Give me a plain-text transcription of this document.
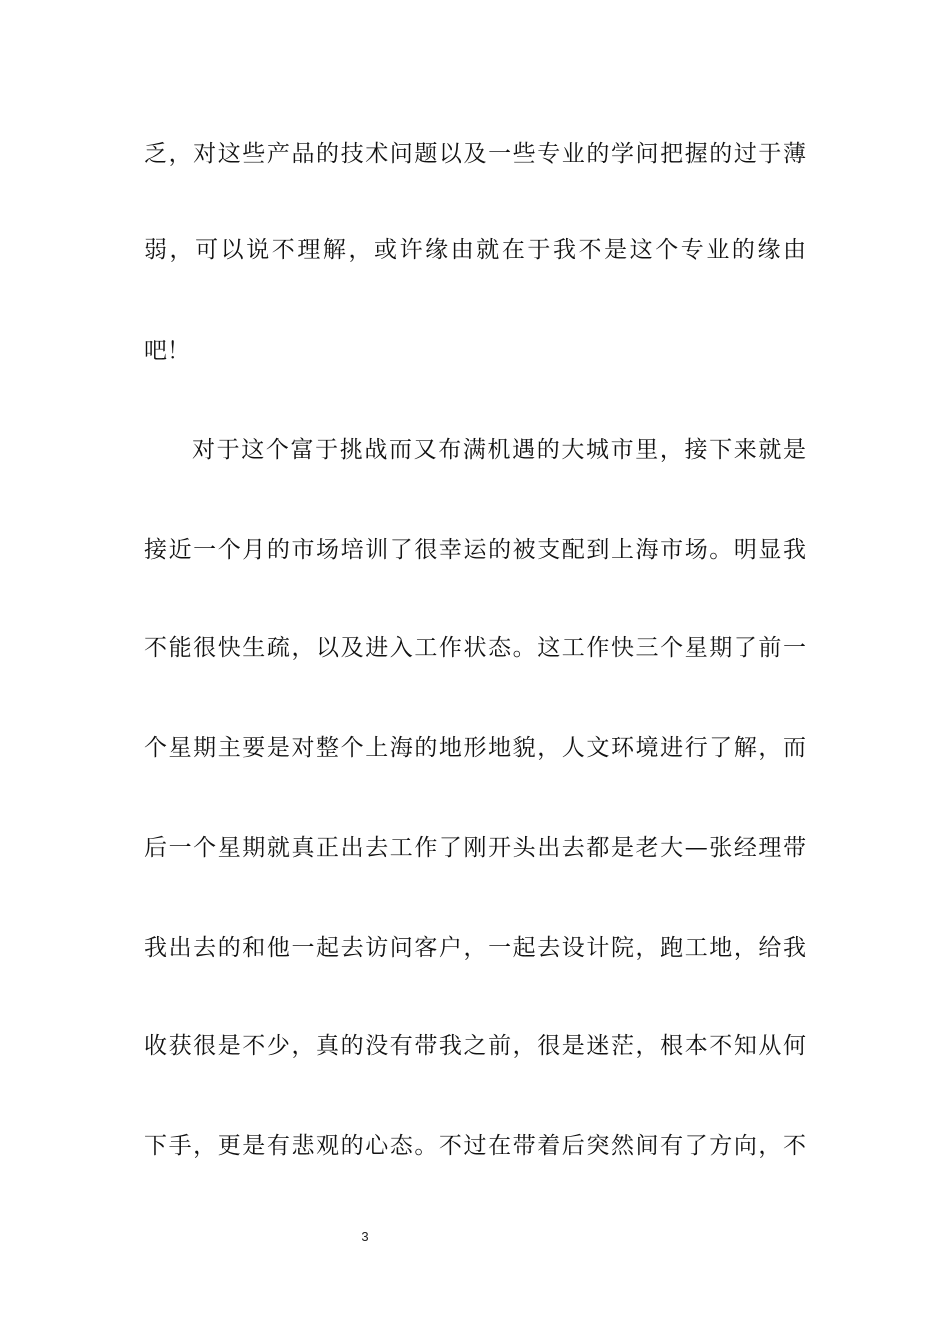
乏，对这些产品的技术问题以及一些专业的学问把握的过于薄
弱，可以说不理解，或许缘由就在于我不是这个专业的缘由
吧！
对于这个富于挑战而又布满机遇的大城市里，接下来就是
接近一个月的市场培训了很幸运的被支配到上海市场。明显我
不能很快生疏，以及进入工作状态。这工作快三个星期了前一
个星期主要是对整个上海的地形地貌，人文环境进行了解，而
后一个星期就真正出去工作了刚开头出去都是老大—张经理带
我出去的和他一起去访问客户，一起去设计院，跑工地，给我
收获很是不少，真的没有带我之前，很是迷茫，根本不知从何
下手，更是有悲观的心态。不过在带着后突然间有了方向，不
3
